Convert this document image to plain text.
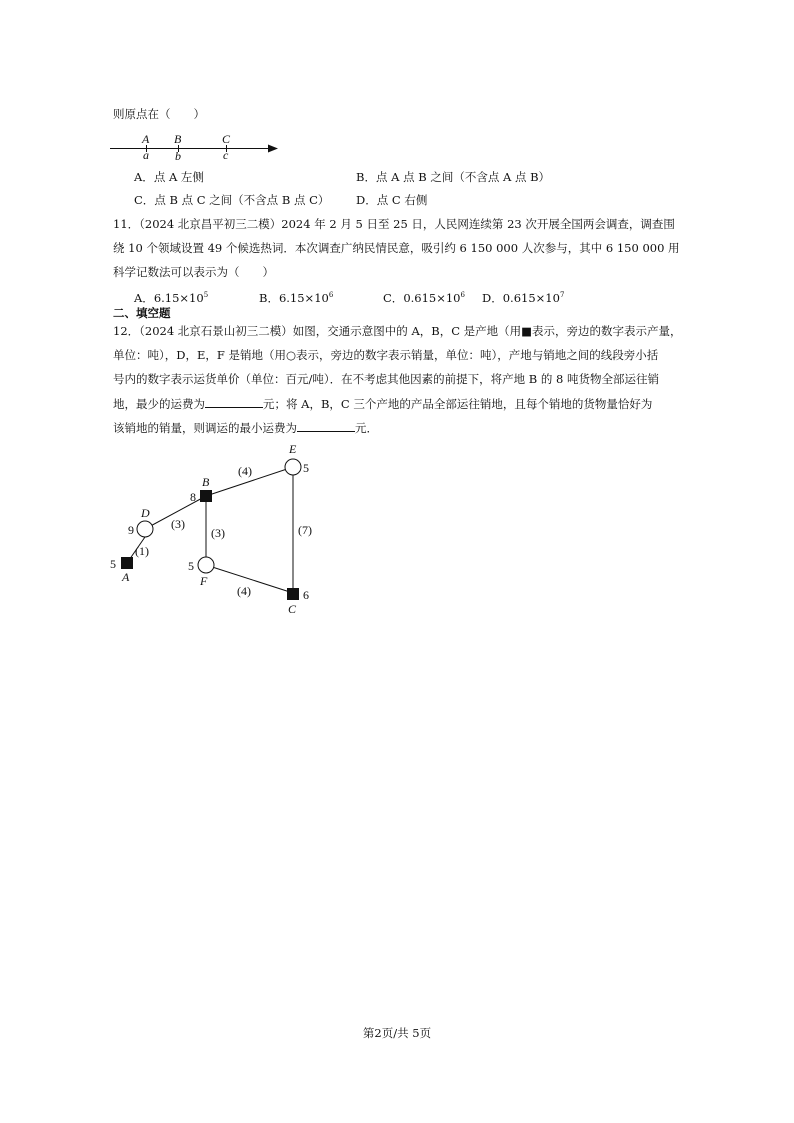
则原点在（　　）
A B	C
a b	c
A．点 A 左侧	B．点 A 点 B 之间（不含点 A 点 B）
C．点 B 点 C 之间（不含点 B 点 C） D．点 C 右侧
11．（2024 北京昌平初三二模）2024 年 2 月 5 日至 25 日，人民网连续第 23 次开展全国两会调查，调查围
绕 10 个领域设置 49 个候选热词．本次调查广纳民情民意，吸引约 6 150 000 人次参与，其中 6 150 000 用
科学记数法可以表示为（　　）
A．$6.15\times 10^5$	B．$6.15\times 10^6$	C．$0.615\times 10^6$ D．$0.615\times 10^7$
二、填空题
12．（2024 北京石景山初三二模）如图，交通示意图中的 A，B，C 是产地（用■表示，旁边的数字表示产量，
单位：吨），D，E，F 是销地（用○表示，旁边的数字表示销量，单位：吨），产地与销地之间的线段旁小括
号内的数字表示运货单价（单位：百元/吨）．在不考虑其他因素的前提下，将产地 B 的 8 吨货物全部运往销
地，最少的运费为	元；将 A，B，C 三个产地的产品全部运往销地，且每个销地的货物量恰好为
该销地的销量，则调运的最小运费为	元．
A
B
C
D
E
F
5
8
6
9
5
5
(1)
(3)
(4)
(3)	(7)
(4)
第2页/共 5页
